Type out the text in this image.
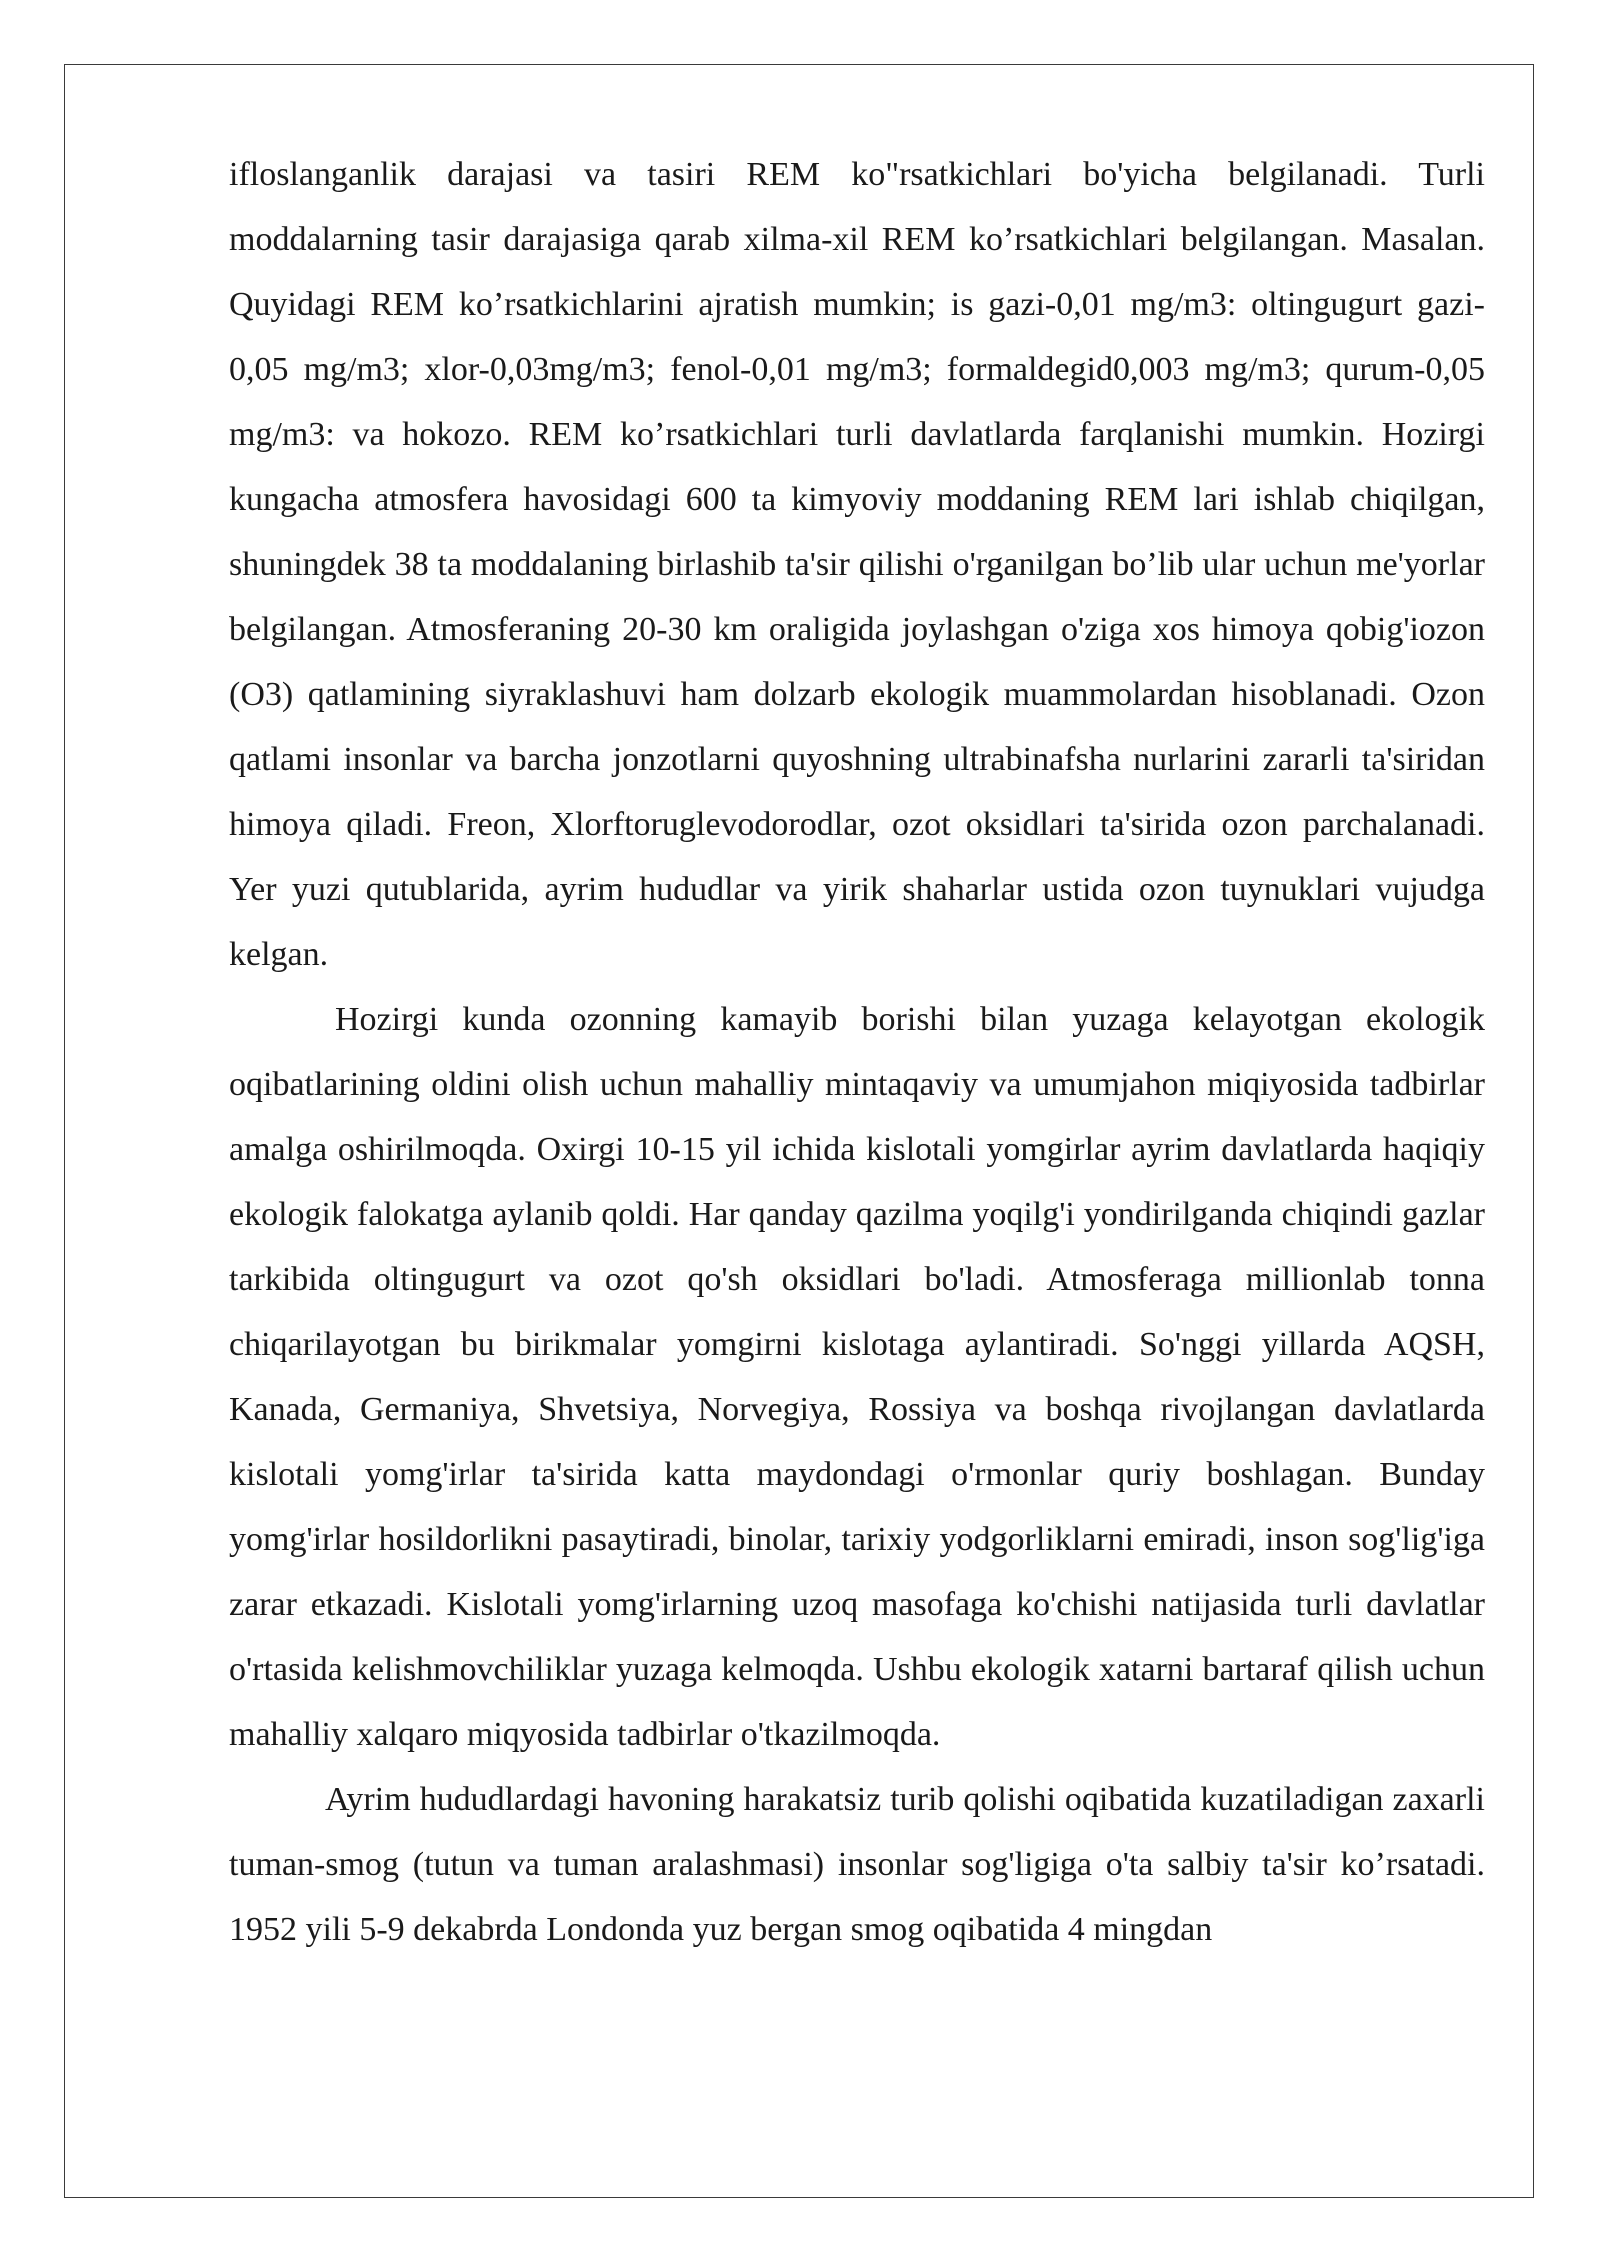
ifloslanganlik darajasi va tasiri REM ko"rsatkichlari bo'yicha belgilanadi. Turli moddalarning tasir darajasiga qarab xilma-xil REM ko’rsatkichlari belgilangan. Masalan. Quyidagi REM ko’rsatkichlarini ajratish mumkin; is gazi-0,01 mg/m3: oltingugurt gazi-0,05 mg/m3; xlor-0,03mg/m3; fenol-0,01 mg/m3; formaldegid0,003 mg/m3; qurum-0,05 mg/m3: va hokozo. REM ko’rsatkichlari turli davlatlarda farqlanishi mumkin. Hozirgi kungacha atmosfera havosidagi 600 ta kimyoviy moddaning REM lari ishlab chiqilgan, shuningdek 38 ta moddalaning birlashib ta'sir qilishi o'rganilgan bo’lib ular uchun me'yorlar belgilangan. Atmosferaning 20-30 km oraligida joylashgan o'ziga xos himoya qobig'iozon (O3) qatlamining siyraklashuvi ham dolzarb ekologik muammolardan hisoblanadi. Ozon qatlami insonlar va barcha jonzotlarni quyoshning ultrabinafsha nurlarini zararli ta'siridan himoya qiladi. Freon, Xlorftoruglevodorodlar, ozot oksidlari ta'sirida ozon parchalanadi. Yer yuzi qutublarida, ayrim hududlar va yirik shaharlar ustida ozon tuynuklari vujudga kelgan.

Hozirgi kunda ozonning kamayib borishi bilan yuzaga kelayotgan ekologik oqibatlarining oldini olish uchun mahalliy mintaqaviy va umumjahon miqiyosida tadbirlar amalga oshirilmoqda. Oxirgi 10-15 yil ichida kislotali yomgirlar ayrim davlatlarda haqiqiy ekologik falokatga aylanib qoldi. Har qanday qazilma yoqilg'i yondirilganda chiqindi gazlar tarkibida oltingugurt va ozot qo'sh oksidlari bo'ladi. Atmosferaga millionlab tonna chiqarilayotgan bu birikmalar yomgirni kislotaga aylantiradi. So'nggi yillarda AQSH, Kanada, Germaniya, Shvetsiya, Norvegiya, Rossiya va boshqa rivojlangan davlatlarda kislotali yomg'irlar ta'sirida katta maydondagi o'rmonlar quriy boshlagan. Bunday yomg'irlar hosildorlikni pasaytiradi, binolar, tarixiy yodgorliklarni emiradi, inson sog'lig'iga zarar etkazadi. Kislotali yomg'irlarning uzoq masofaga ko'chishi natijasida turli davlatlar o'rtasida kelishmovchiliklar yuzaga kelmoqda. Ushbu ekologik xatarni bartaraf qilish uchun mahalliy xalqaro miqyosida tadbirlar o'tkazilmoqda.

Ayrim hududlardagi havoning harakatsiz turib qolishi oqibatida kuzatiladigan zaxarli tuman-smog (tutun va tuman aralashmasi) insonlar sog'ligiga o'ta salbiy ta'sir ko’rsatadi. 1952 yili 5-9 dekabrda Londonda yuz bergan smog oqibatida 4 mingdan
